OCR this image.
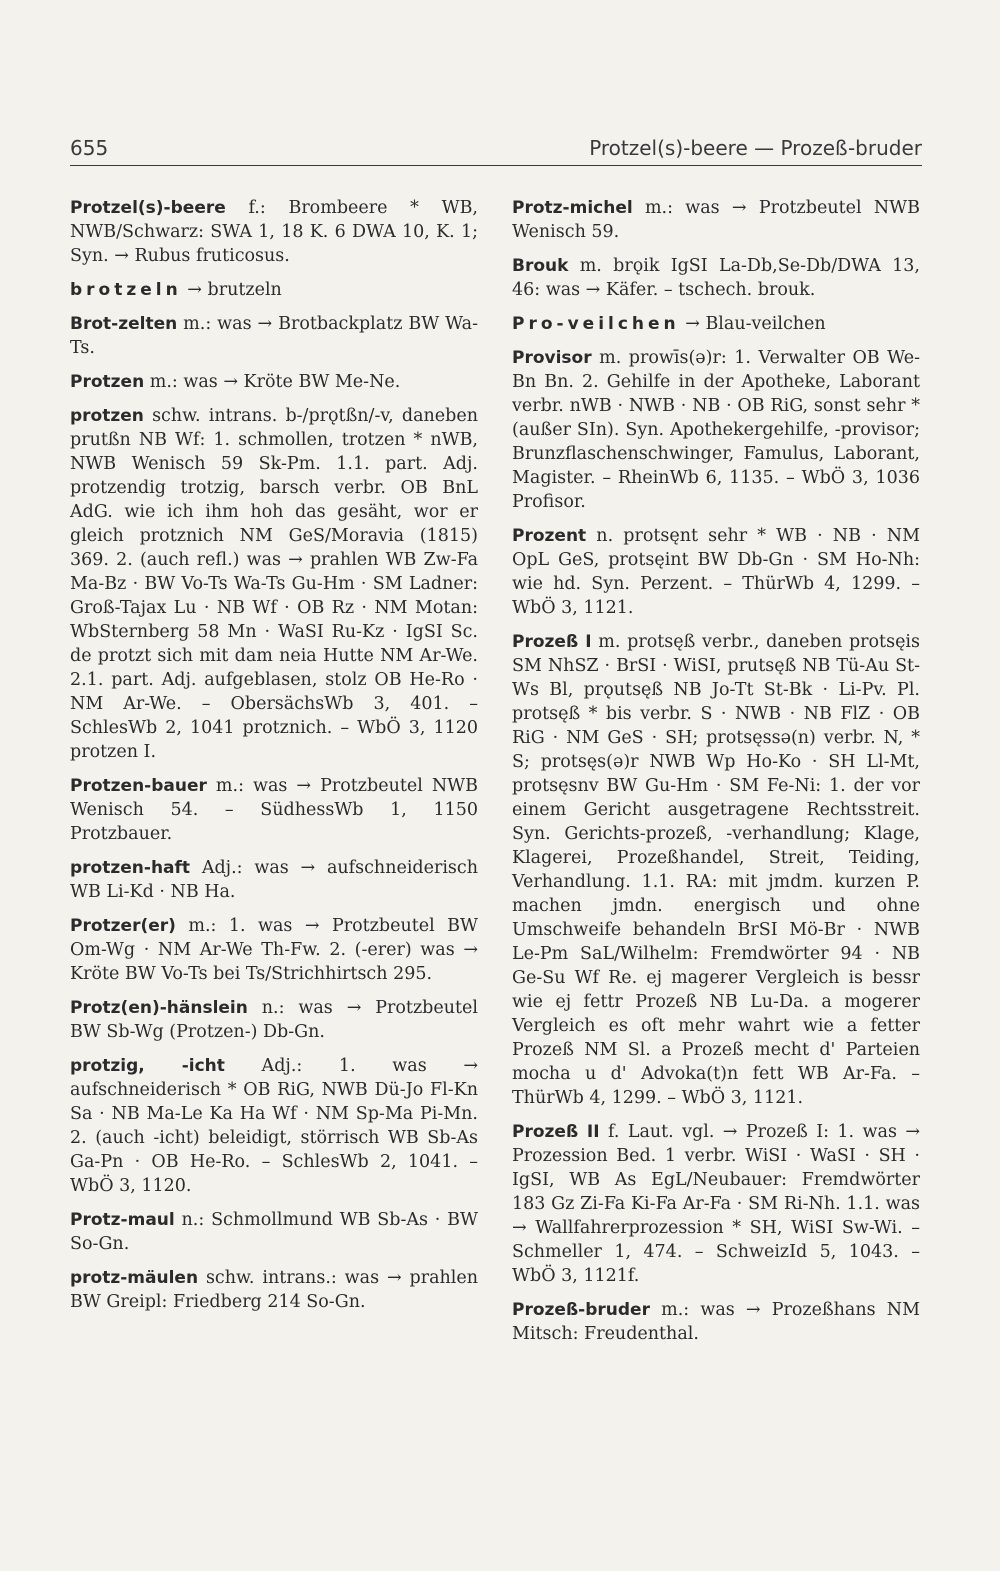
655	Protzel(s)-beere — Prozeß-bruder

Protzel(s)-beere f.: Brombeere * WB, NWB/Schwarz: SWA 1, 18 K. 6 DWA 10, K. 1; Syn. → Rubus fruticosus.

brotzeln → brutzeln

Brot-zelten m.: was → Brotbackplatz BW Wa-Ts.

Protzen m.: was → Kröte BW Me-Ne.

protzen schw. intrans. b-/prǫtßn/-v, daneben prutßn NB Wf: 1. schmollen, trotzen * nWB, NWB Wenisch 59 Sk-Pm. 1.1. part. Adj. protzendig trotzig, barsch verbr. OB BnL AdG. wie ich ihm hoh das gesäht, wor er gleich protznich NM GeS/Moravia (1815) 369. 2. (auch refl.) was → prahlen WB Zw-Fa Ma-Bz · BW Vo-Ts Wa-Ts Gu-Hm · SM Ladner: Groß-Tajax Lu · NB Wf · OB Rz · NM Motan: WbSternberg 58 Mn · WaSI Ru-Kz · IgSI Sc. de protzt sich mit dam neia Hutte NM Ar-We. 2.1. part. Adj. aufgeblasen, stolz OB He-Ro · NM Ar-We. – ObersächsWb 3, 401. – SchlesWb 2, 1041 protznich. – WbÖ 3, 1120 protzen I.

Protzen-bauer m.: was → Protzbeutel NWB Wenisch 54. – SüdhessWb 1, 1150 Protzbauer.

protzen-haft Adj.: was → aufschneiderisch WB Li-Kd · NB Ha.

Protzer(er) m.: 1. was → Protzbeutel BW Om-Wg · NM Ar-We Th-Fw. 2. (-erer) was → Kröte BW Vo-Ts bei Ts/Strichhirtsch 295.

Protz(en)-hänslein n.: was → Protzbeutel BW Sb-Wg (Protzen-) Db-Gn.

protzig, -icht Adj.: 1. was → aufschneiderisch * OB RiG, NWB Dü-Jo Fl-Kn Sa · NB Ma-Le Ka Ha Wf · NM Sp-Ma Pi-Mn. 2. (auch -icht) beleidigt, störrisch WB Sb-As Ga-Pn · OB He-Ro. – SchlesWb 2, 1041. – WbÖ 3, 1120.

Protz-maul n.: Schmollmund WB Sb-As · BW So-Gn.

protz-mäulen schw. intrans.: was → prahlen BW Greipl: Friedberg 214 So-Gn.

Protz-michel m.: was → Protzbeutel NWB Wenisch 59.

Brouk m. brǫik IgSI La-Db,Se-Db/DWA 13, 46: was → Käfer. – tschech. brouk.

Pro-veilchen → Blau-veilchen

Provisor m. prowīs(ə)r: 1. Verwalter OB We-Bn Bn. 2. Gehilfe in der Apotheke, Laborant verbr. nWB · NWB · NB · OB RiG, sonst sehr * (außer SIn). Syn. Apothekergehilfe, -provisor; Brunzflaschenschwinger, Famulus, Laborant, Magister. – RheinWb 6, 1135. – WbÖ 3, 1036 Profisor.

Prozent n. protsęnt sehr * WB · NB · NM OpL GeS, protsęint BW Db-Gn · SM Ho-Nh: wie hd. Syn. Perzent. – ThürWb 4, 1299. – WbÖ 3, 1121.

Prozeß I m. protsęß verbr., daneben protsęis SM NhSZ · BrSI · WiSI, prutsęß NB Tü-Au St-Ws Bl, prǫutsęß NB Jo-Tt St-Bk · Li-Pv. Pl. protsęß * bis verbr. S · NWB · NB FlZ · OB RiG · NM GeS · SH; protsęssə(n) verbr. N, * S; protsęs(ə)r NWB Wp Ho-Ko · SH Ll-Mt, protsęsnv BW Gu-Hm · SM Fe-Ni: 1. der vor einem Gericht ausgetragene Rechtsstreit. Syn. Gerichts-prozeß, -verhandlung; Klage, Klagerei, Prozeßhandel, Streit, Teiding, Verhandlung. 1.1. RA: mit jmdm. kurzen P. machen jmdn. energisch und ohne Umschweife behandeln BrSI Mö-Br · NWB Le-Pm SaL/Wilhelm: Fremdwörter 94 · NB Ge-Su Wf Re. ej magerer Vergleich is bessr wie ej fettr Prozeß NB Lu-Da. a mogerer Vergleich es oft mehr wahrt wie a fetter Prozeß NM Sl. a Prozeß mecht d' Parteien mocha u d' Advoka(t)n fett WB Ar-Fa. – ThürWb 4, 1299. – WbÖ 3, 1121.

Prozeß II f. Laut. vgl. → Prozeß I: 1. was → Prozession Bed. 1 verbr. WiSI · WaSI · SH · IgSI, WB As EgL/Neubauer: Fremdwörter 183 Gz Zi-Fa Ki-Fa Ar-Fa · SM Ri-Nh. 1.1. was → Wallfahrerprozession * SH, WiSI Sw-Wi. – Schmeller 1, 474. – SchweizId 5, 1043. – WbÖ 3, 1121f.

Prozeß-bruder m.: was → Prozeßhans NM Mitsch: Freudenthal.
